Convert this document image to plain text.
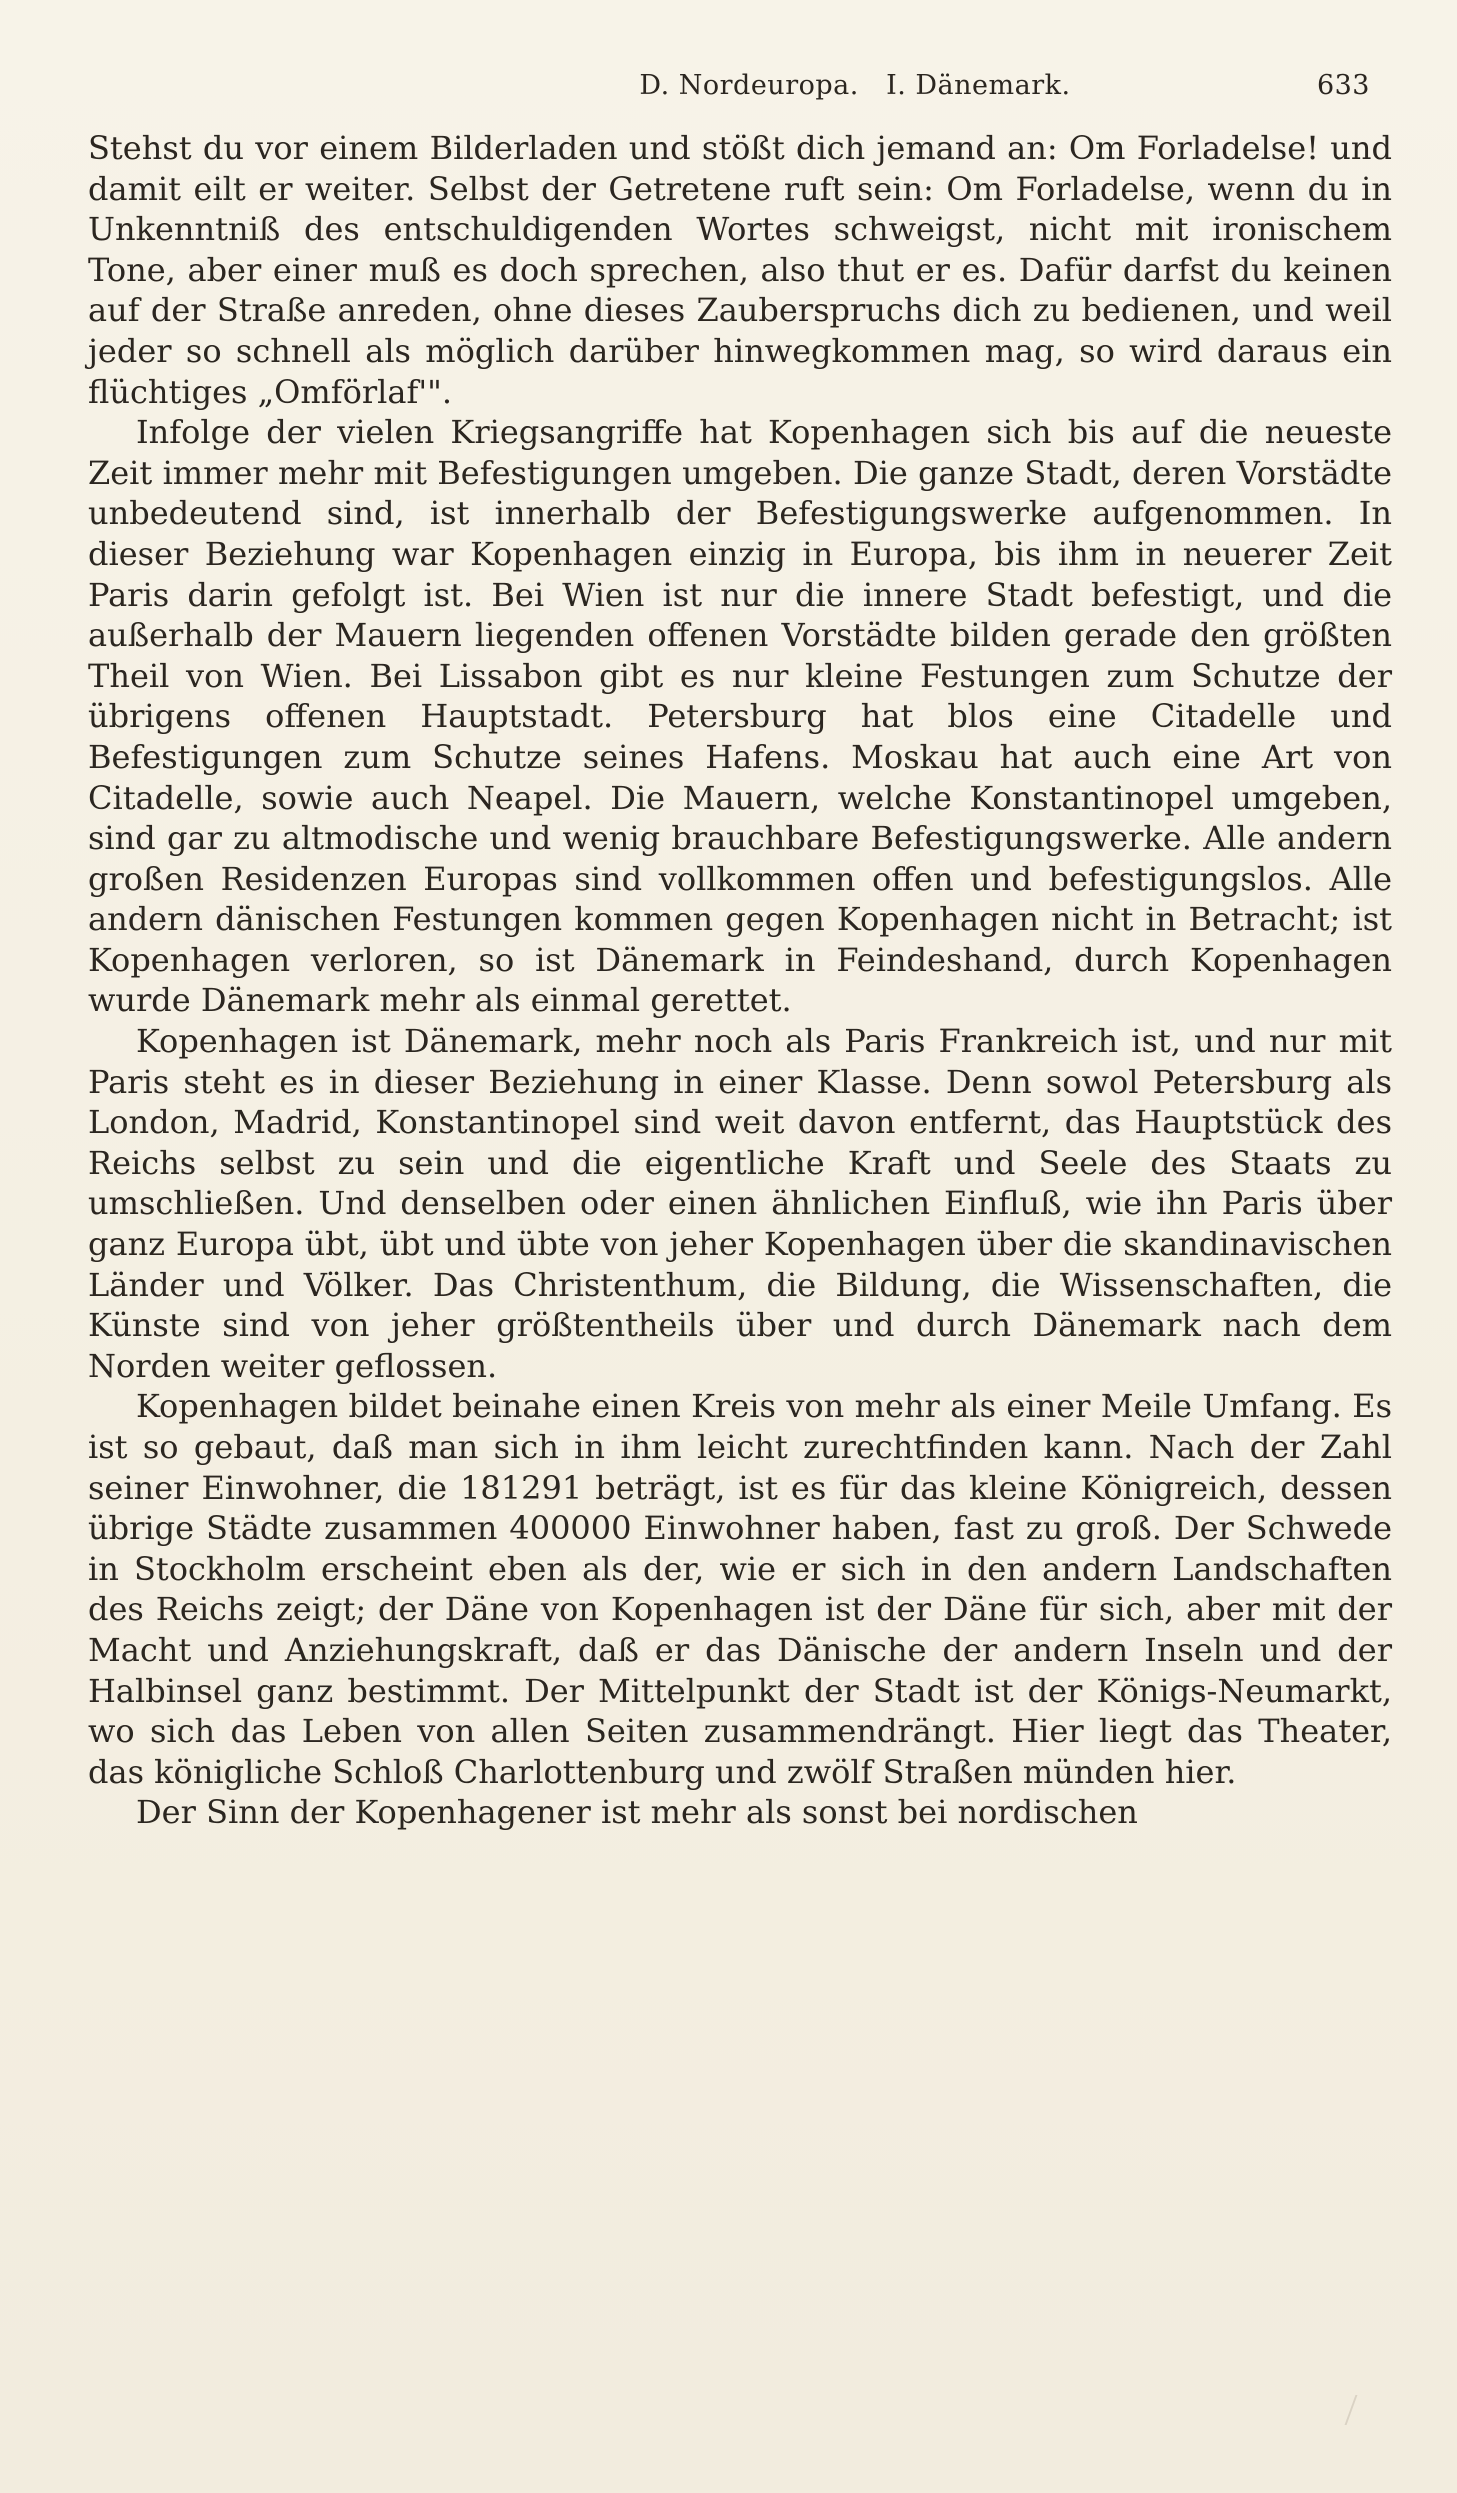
D. Nordeuropa. I. Dänemark.	633

Stehst du vor einem Bilderladen und stößt dich jemand an: Om Forladelse! und damit eilt er weiter. Selbst der Getretene ruft sein: Om Forladelse, wenn du in Unkenntniß des entschuldigenden Wortes schweigst, nicht mit ironischem Tone, aber einer muß es doch sprechen, also thut er es. Dafür darfst du keinen auf der Straße anreden, ohne dieses Zauberspruchs dich zu bedienen, und weil jeder so schnell als möglich darüber hinwegkommen mag, so wird daraus ein flüchtiges „Omförlaf'".

Infolge der vielen Kriegsangriffe hat Kopenhagen sich bis auf die neueste Zeit immer mehr mit Befestigungen umgeben. Die ganze Stadt, deren Vorstädte unbedeutend sind, ist innerhalb der Befestigungswerke aufgenommen. In dieser Beziehung war Kopenhagen einzig in Europa, bis ihm in neuerer Zeit Paris darin gefolgt ist. Bei Wien ist nur die innere Stadt befestigt, und die außerhalb der Mauern liegenden offenen Vorstädte bilden gerade den größten Theil von Wien. Bei Lissabon gibt es nur kleine Festungen zum Schutze der übrigens offenen Hauptstadt. Petersburg hat blos eine Citadelle und Befestigungen zum Schutze seines Hafens. Moskau hat auch eine Art von Citadelle, sowie auch Neapel. Die Mauern, welche Konstantinopel umgeben, sind gar zu altmodische und wenig brauchbare Befestigungswerke. Alle andern großen Residenzen Europas sind vollkommen offen und befestigungslos. Alle andern dänischen Festungen kommen gegen Kopenhagen nicht in Betracht; ist Kopenhagen verloren, so ist Dänemark in Feindeshand, durch Kopenhagen wurde Dänemark mehr als einmal gerettet.

Kopenhagen ist Dänemark, mehr noch als Paris Frankreich ist, und nur mit Paris steht es in dieser Beziehung in einer Klasse. Denn sowol Petersburg als London, Madrid, Konstantinopel sind weit davon entfernt, das Hauptstück des Reichs selbst zu sein und die eigentliche Kraft und Seele des Staats zu umschließen. Und denselben oder einen ähnlichen Einfluß, wie ihn Paris über ganz Europa übt, übt und übte von jeher Kopenhagen über die skandinavischen Länder und Völker. Das Christenthum, die Bildung, die Wissenschaften, die Künste sind von jeher größtentheils über und durch Dänemark nach dem Norden weiter geflossen.

Kopenhagen bildet beinahe einen Kreis von mehr als einer Meile Umfang. Es ist so gebaut, daß man sich in ihm leicht zurechtfinden kann. Nach der Zahl seiner Einwohner, die 181291 beträgt, ist es für das kleine Königreich, dessen übrige Städte zusammen 400000 Einwohner haben, fast zu groß. Der Schwede in Stockholm erscheint eben als der, wie er sich in den andern Landschaften des Reichs zeigt; der Däne von Kopenhagen ist der Däne für sich, aber mit der Macht und Anziehungskraft, daß er das Dänische der andern Inseln und der Halbinsel ganz bestimmt. Der Mittelpunkt der Stadt ist der Königs-Neumarkt, wo sich das Leben von allen Seiten zusammendrängt. Hier liegt das Theater, das königliche Schloß Charlottenburg und zwölf Straßen münden hier.

Der Sinn der Kopenhagener ist mehr als sonst bei nordischen
